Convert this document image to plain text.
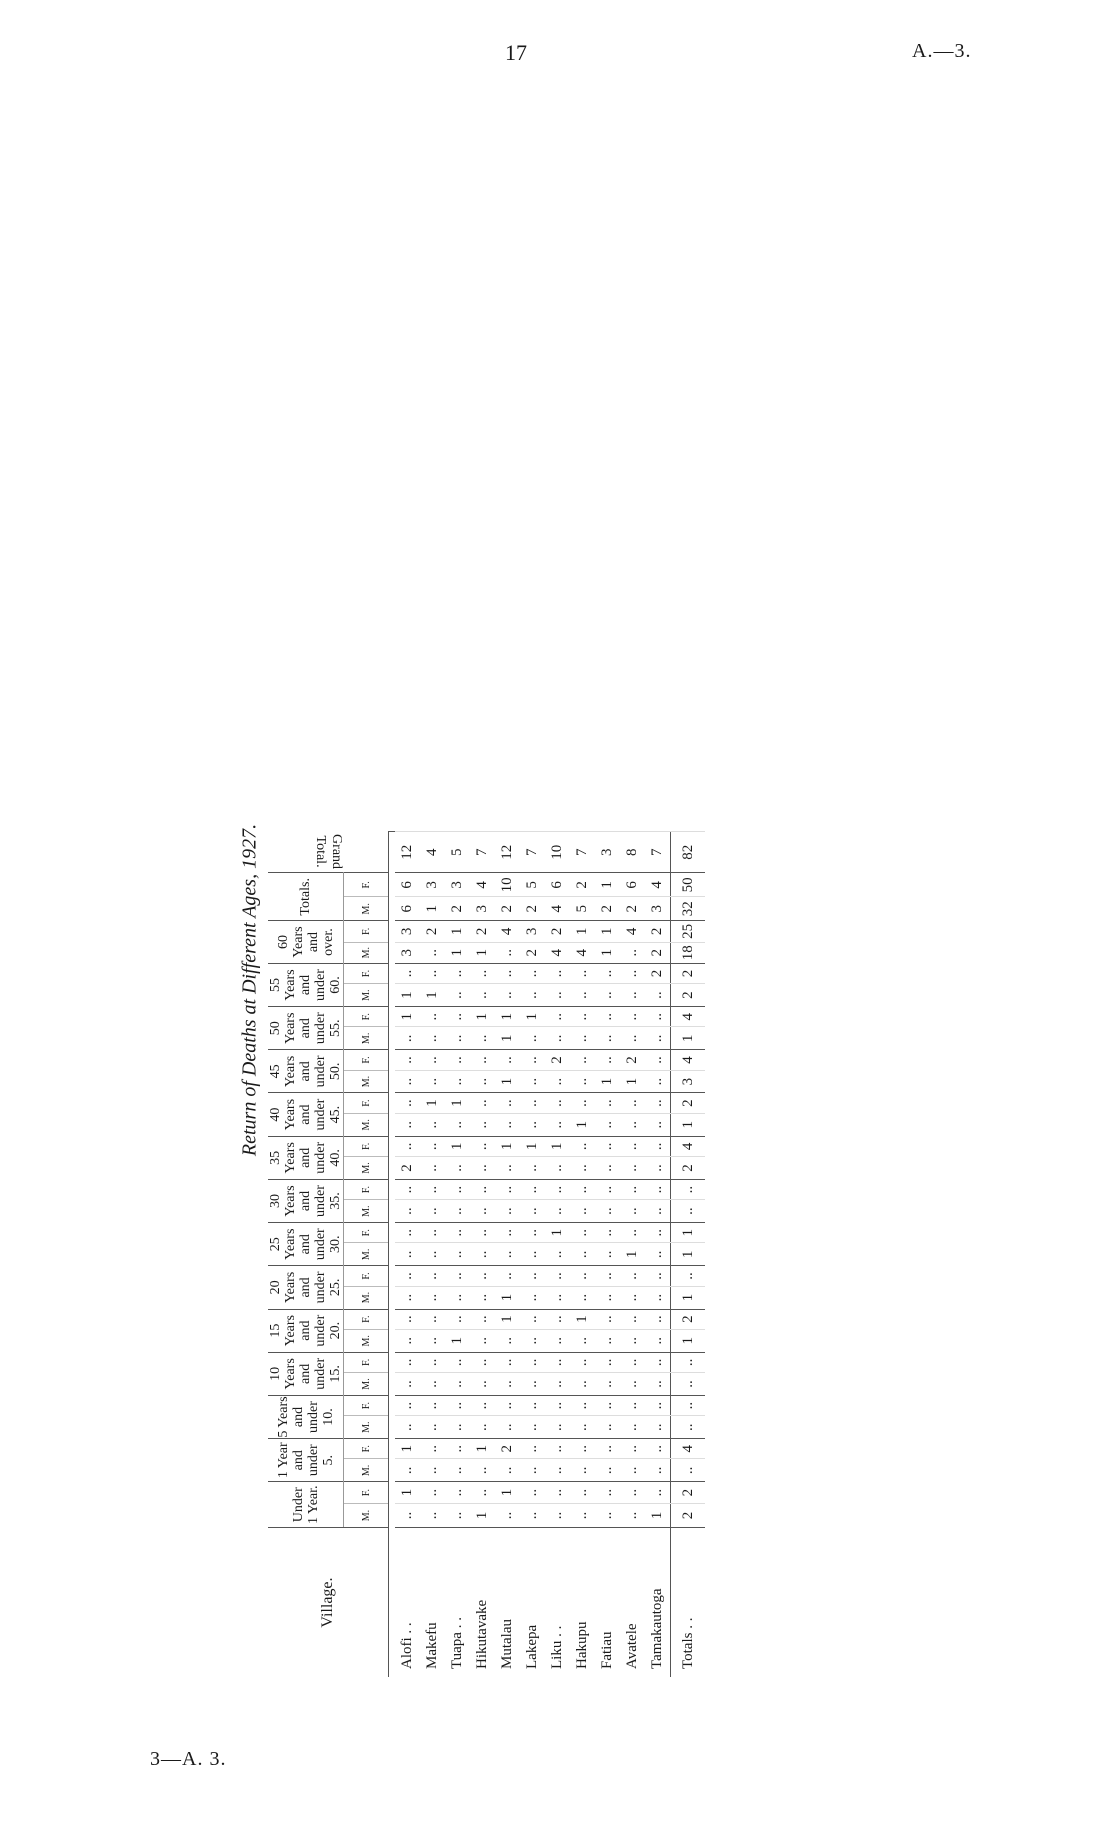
17	A.—3.
Return of Deaths at Different Ages, 1927.
Village.	Under 1 Year.		1 Year and under 5.		5 Years and under 10.		10 Years and under 15.		15 Years and under 20.		20 Years and under 25.		25 Years and under 30.		30 Years and under 35.		35 Years and under 40.		40 Years and under 45.		45 Years and under 50.		50 Years and under 55.		55 Years and under 60.		60 Years and over.		Totals.		Grand Total.
	M.	F.	M.	F.	M.	F.	M.	F.	M.	F.	M.	F.	M.	F.	M.	F.	M.	F.	M.	F.	M.	F.	M.	F.	M.	F.	M.	F.	M.	F.	

Alofi . .	..	1	..	1	..	..	..	..	..	..	..	..	..	..	..	..	2	..	..	..	..	..	..	1	1	..	3	3	6	6	12
Makefu	..	..	..	..	..	..	..	..	..	..	..	..	..	..	..	..	..	..	..	1	..	..	..	..	1	..	..	2	1	3	4
Tuapa . .	..	..	..	..	..	..	..	..	1	..	..	..	..	..	..	..	..	1	..	1	..	..	..	..	..	..	1	1	2	3	5
Hikutavake	1	..	..	1	..	..	..	..	..	..	..	..	..	..	..	..	..	..	..	..	..	..	..	1	..	..	1	2	3	4	7
Mutalau	..	1	..	2	..	..	..	..	..	1	1	..	..	..	..	..	..	1	..	..	1	..	1	1	..	..	..	4	2	10	12
Lakepa	..	..	..	..	..	..	..	..	..	..	..	..	..	..	..	..	..	1	..	..	..	..	..	1	..	..	2	3	2	5	7
Liku . .	..	..	..	..	..	..	..	..	..	..	..	..	..	1	..	..	..	1	..	..	..	2	..	..	..	..	4	2	4	6	10
Hakupu	..	..	..	..	..	..	..	..	..	1	..	..	..	..	..	..	..	..	1	..	..	..	..	..	..	..	4	1	5	2	7
Fatiau	..	..	..	..	..	..	..	..	..	..	..	..	..	..	..	..	..	..	..	..	1	..	..	..	..	..	1	1	2	1	3
Avatele	..	..	..	..	..	..	..	..	..	..	..	..	1	..	..	..	..	..	..	..	1	2	..	..	..	..	..	4	2	6	8
Tamakautoga	1	..	..	..	..	..	..	..	..	..	..	..	..	..	..	..	..	..	..	..	..	..	..	..	..	2	2	2	3	4	7
Totals . .	2	2	..	4	..	..	..	..	1	2	1	..	1	1	..	..	2	4	1	2	3	4	1	4	2	2	18	25	32	50	82
3—A. 3.
